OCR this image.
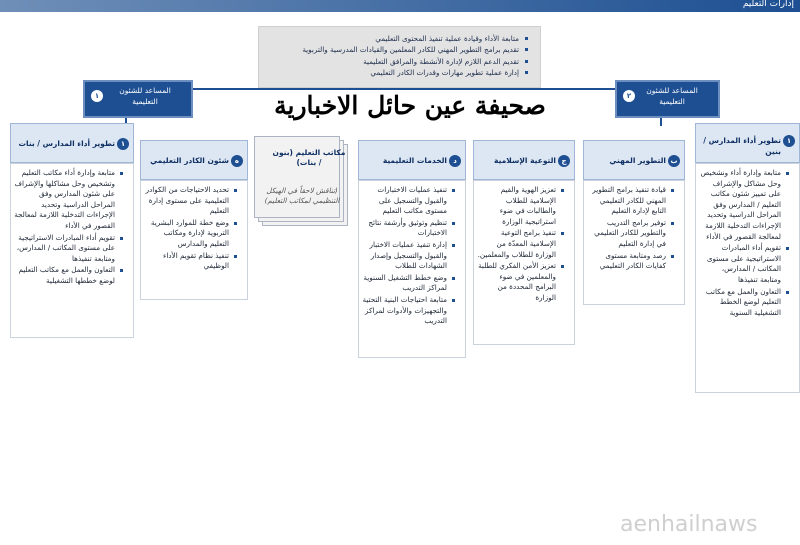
إدارات التعليم
متابعة الأداء وقيادة عملية تنفيذ المحتوى التعليمي
تقديم برامج التطوير المهني للكادر المعلمين والقيادات المدرسية والتربوية
تقديم الدعم اللازم لإدارة الأنشطة والمرافق التعليمية
إدارة عملية تطوير مهارات وقدرات الكادر التعليمي
١
المساعد للشئون التعليمية
٢
المساعد للشئون التعليمية
صحيفة عين حائل الاخبارية
١
تطوير أداء المدارس / بنين
متابعة وإدارة أداء ونشخيص وحل مشاكل والإشراف على تمييز شئون مكاتب التعليم / المدارس وفق المراحل الدراسية وتحديد الإجراءات التدخلية اللازمة لمعالجة القصور في الأداء
تقويم أداء المبادرات الاستراتيجية على مستوى المكاتب / المدارس، ومتابعة تنفيذها
التعاون والعمل مع مكاتب التعليم لوضع الخطط التشغيلية السنوية
ب
التطوير المهني
قيادة تنفيذ برامج التطوير المهني للكادر التعليمي التابع لإدارة التعليم
توفير برامج التدريب والتطوير للكادر التعليمي في إدارة التعليم
رصد ومتابعة مستوى كفايات الكادر التعليمي
ج
التوعية الإسلامية
تعزيز الهوية والقيم الإسلامية للطلاب والطالبات في ضوء استراتيجية الوزارة
تنفيذ برامج التوعية الإسلامية المعدّة من الوزارة للطلاب والمعلمين.
تعزيز الأمن الفكري للطلبة والمعلمين في ضوء البرامج المحددة من الوزارة
د
الخدمات التعليمية
تنفيذ عمليات الاختبارات والقبول والتسجيل على مستوى مكاتب التعليم
تنظيم وتوثيق وأرشفة نتائج الاختبارات
إدارة تنفيذ عمليات الاختبار والقبول والتسجيل وإصدار الشهادات للطلاب
وضع خطط التشغيل السنوية لمراكز التدريب
متابعة احتياجات البنية التحتية والتجهيزات والأدوات لمراكز التدريب
مكاتب التعليم (بنون / بنات)
(تناقش لاحقاً في الهيكل التنظيمي لمكاتب التعليم)
ه
شئون الكادر التعليمي
تحديد الاحتياجات من الكوادر التعليمية على مستوى إدارة التعليم
وضع خطة للموارد البشرية التربوية لإدارة ومكاتب التعليم والمدارس
تنفيذ نظام تقويم الأداء الوظيفي
١
تطوير أداء المدارس / بنات
متابعة وإدارة أداء مكاتب التعليم وتشخيص وحل مشاكلها والإشراف على شئون المدارس وفق المراحل الدراسية وتحديد الإجراءات التدخلية اللازمة لمعالجة القصور في الأداء
تقويم أداء المبادرات الاستراتيجية على مستوى المكاتب / المدارس، ومتابعة تنفيذها
التعاون والعمل مع مكاتب التعليم لوضع خططها التشغيلية
aenhailnaws
